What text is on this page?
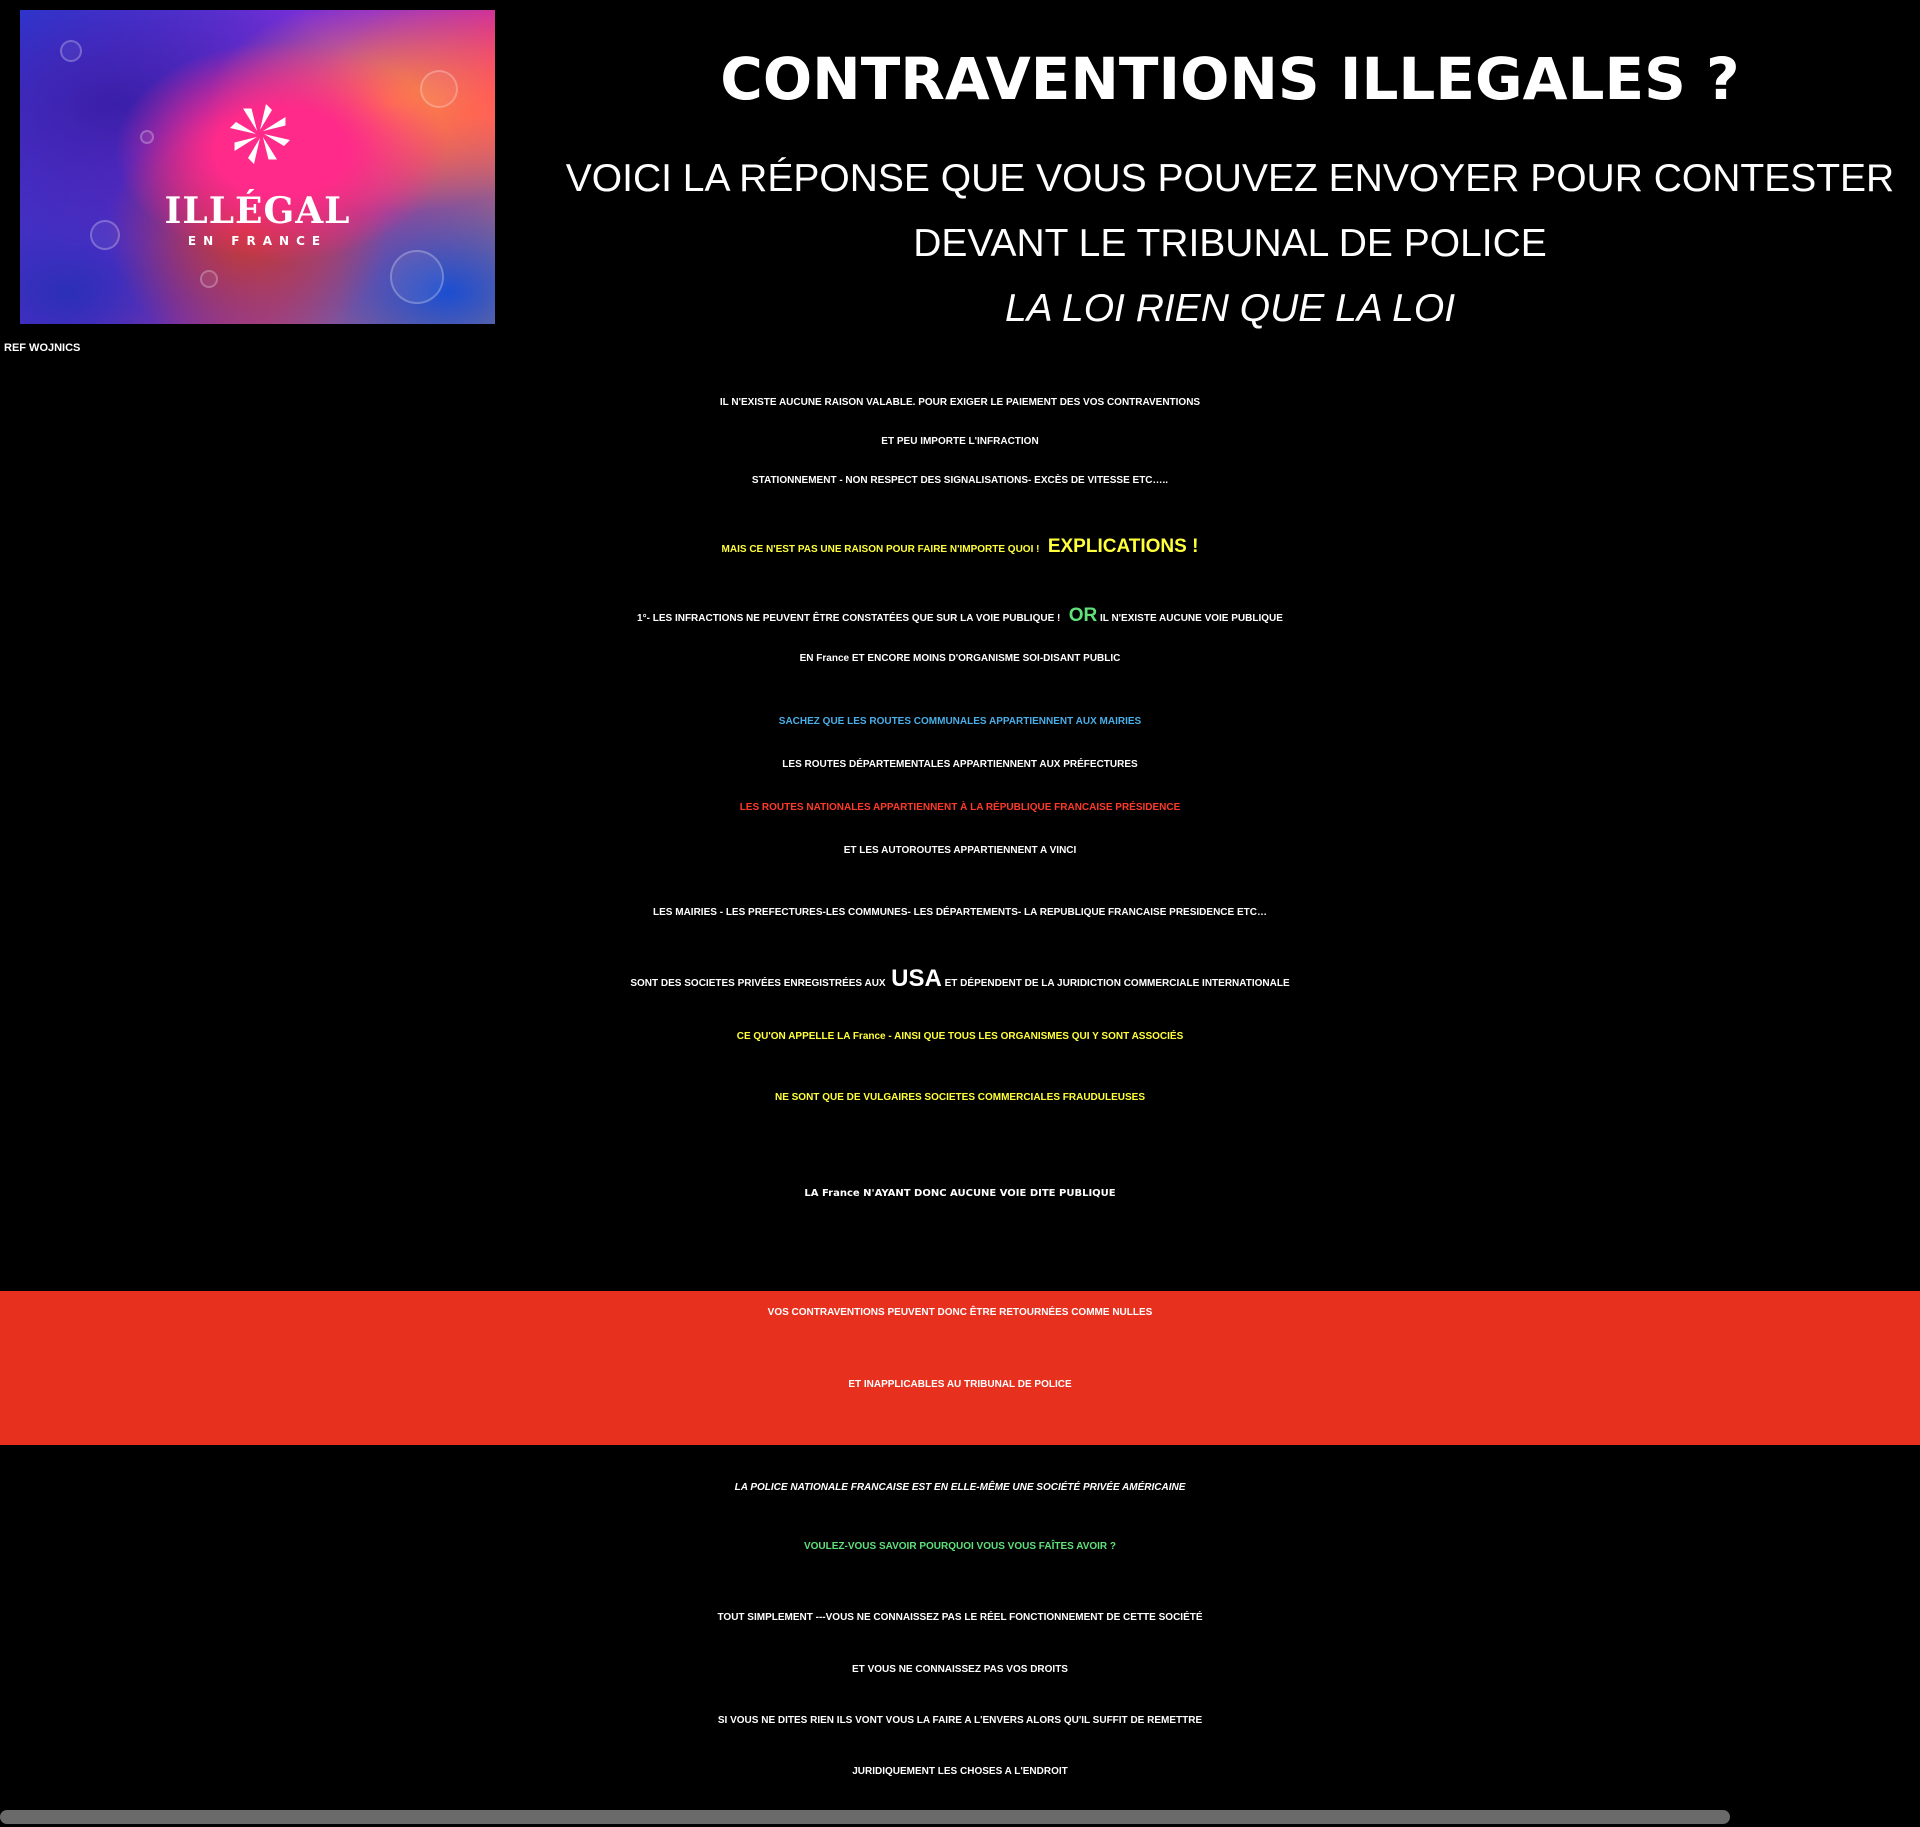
ILLÉGAL
EN FRANCE
REF WOJNICS
CONTRAVENTIONS ILLEGALES ?
VOICI LA RÉPONSE QUE VOUS POUVEZ ENVOYER POUR CONTESTER
DEVANT LE TRIBUNAL DE POLICE
LA LOI RIEN QUE LA LOI
IL N'EXISTE AUCUNE RAISON VALABLE. POUR EXIGER LE PAIEMENT DES VOS CONTRAVENTIONS
ET PEU IMPORTE L'INFRACTION
STATIONNEMENT - NON RESPECT DES SIGNALISATIONS- EXCÈS DE VITESSE ETC…..
MAIS CE N'EST PAS UNE RAISON POUR FAIRE N'IMPORTE QUOI ! EXPLICATIONS !
1°- LES INFRACTIONS NE PEUVENT ÊTRE CONSTATÉES QUE SUR LA VOIE PUBLIQUE ! OR IL N'EXISTE AUCUNE VOIE PUBLIQUE
EN France ET ENCORE MOINS D'ORGANISME SOI-DISANT PUBLIC
SACHEZ QUE LES ROUTES COMMUNALES APPARTIENNENT AUX MAIRIES
LES ROUTES DÉPARTEMENTALES APPARTIENNENT AUX PRÉFECTURES
LES ROUTES NATIONALES APPARTIENNENT À LA RÉPUBLIQUE FRANCAISE PRÉSIDENCE
ET LES AUTOROUTES APPARTIENNENT A VINCI
LES MAIRIES - LES PREFECTURES-LES COMMUNES- LES DÉPARTEMENTS- LA REPUBLIQUE FRANCAISE PRESIDENCE ETC…
SONT DES SOCIETES PRIVÉES ENREGISTRÉES AUX USA ET DÉPENDENT DE LA JURIDICTION COMMERCIALE INTERNATIONALE
CE QU'ON APPELLE LA France - AINSI QUE TOUS LES ORGANISMES QUI Y SONT ASSOCIÉS
NE SONT QUE DE VULGAIRES SOCIETES COMMERCIALES FRAUDULEUSES
LA France N'AYANT DONC AUCUNE VOIE DITE PUBLIQUE
VOS CONTRAVENTIONS PEUVENT DONC ÊTRE RETOURNÉES COMME NULLES
ET INAPPLICABLES AU TRIBUNAL DE POLICE
LA POLICE NATIONALE FRANCAISE EST EN ELLE-MÊME UNE SOCIÉTÉ PRIVÉE AMÉRICAINE
VOULEZ-VOUS SAVOIR POURQUOI VOUS VOUS FAÎTES AVOIR ?
TOUT SIMPLEMENT ---VOUS NE CONNAISSEZ PAS LE RÉEL FONCTIONNEMENT DE CETTE SOCIÉTÉ
ET VOUS NE CONNAISSEZ PAS VOS DROITS
SI VOUS NE DITES RIEN ILS VONT VOUS LA FAIRE A L'ENVERS ALORS QU'IL SUFFIT DE REMETTRE
JURIDIQUEMENT LES CHOSES A L'ENDROIT
